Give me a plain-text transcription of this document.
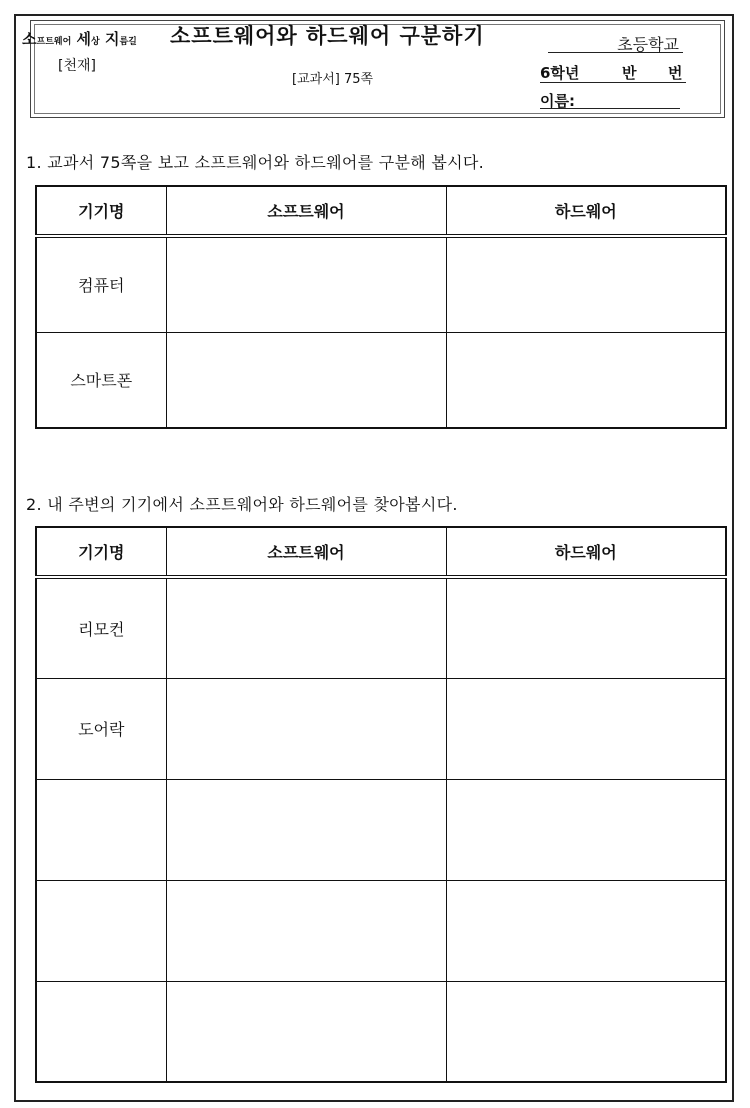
소프트웨어 세상 지름길
[천재]
소프트웨어와 하드웨어 구분하기
[교과서] 75쪽
초등학교
6학년	반 번
이름:
1. 교과서 75쪽을 보고 소프트웨어와 하드웨어를 구분해 봅시다.
기기명	소프트웨어	하드웨어
컴퓨터		
스마트폰		
2. 내 주변의 기기에서 소프트웨어와 하드웨어를 찾아봅시다.
기기명	소프트웨어	하드웨어
리모컨		
도어락		
